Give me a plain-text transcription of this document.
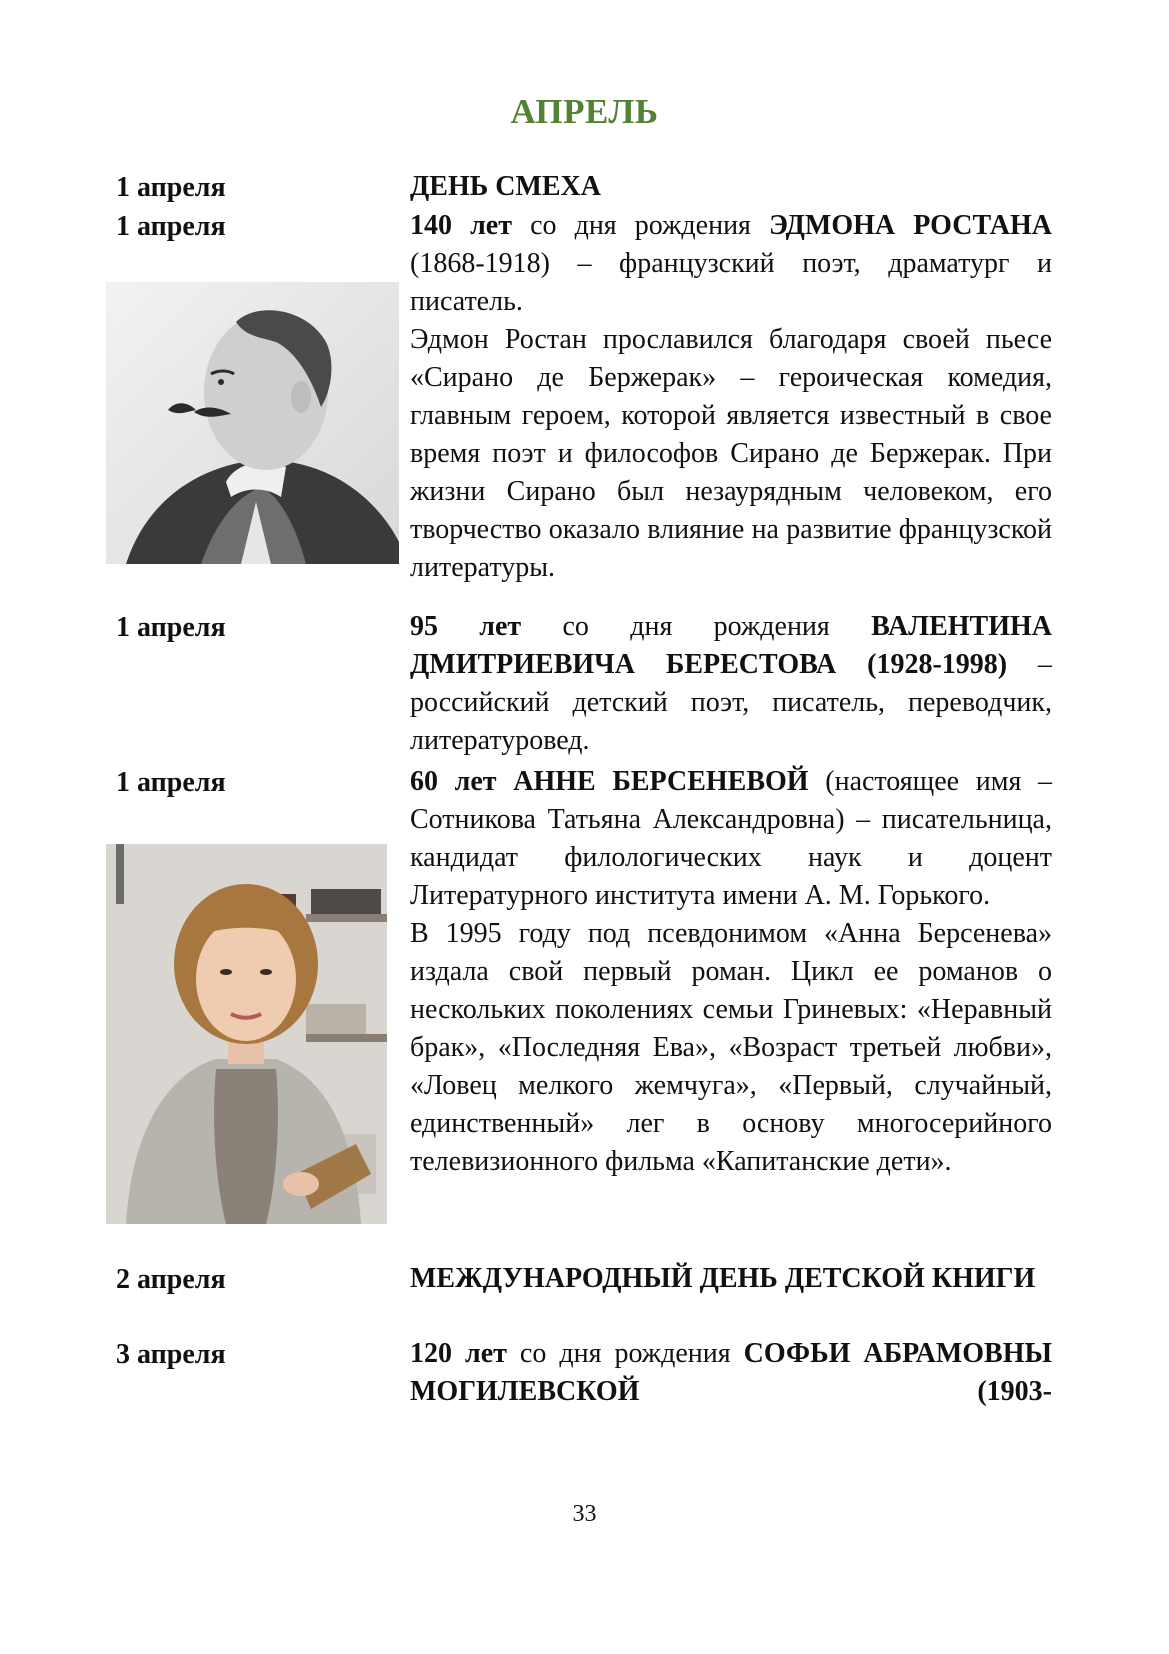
АПРЕЛЬ
1 апреля	ДЕНЬ СМЕХА
1 апреля	140 лет со дня рождения ЭДМОНА РОСТАНА (1868-1918) – французский поэт, драматург и писатель.

Эдмон Ростан прославился благодаря своей пьесе «Сирано де Бержерак» – героическая комедия, главным героем, которой является известный в свое время поэт и философов Сирано де Бержерак. При жизни Сирано был незаурядным человеком, его творчество оказало влияние на развитие французской литературы.

1 апреля	95 лет со дня рождения ВАЛЕНТИНА ДМИТРИЕВИЧА БЕРЕСТОВА (1928-1998) – российский детский поэт, писатель, переводчик, литературовед.

1 апреля	60 лет АННЕ БЕРСЕНЕВОЙ (настоящее имя – Сотникова Татьяна Александровна) – писательница, кандидат филологических наук и доцент Литературного института имени А. М. Горького.

В 1995 году под псевдонимом «Анна Берсенева» издала свой первый роман. Цикл ее романов о нескольких поколениях семьи Гриневых: «Неравный брак», «Последняя Ева», «Возраст третьей любви», «Ловец мелкого жемчуга», «Первый, случайный, единственный» лег в основу многосерийного телевизионного фильма «Капитанские дети».

2 апреля	МЕЖДУНАРОДНЫЙ ДЕНЬ ДЕТСКОЙ КНИГИ
3 апреля	120 лет со дня рождения СОФЬИ АБРАМОВНЫ МОГИЛЕВСКОЙ (1903-

33
